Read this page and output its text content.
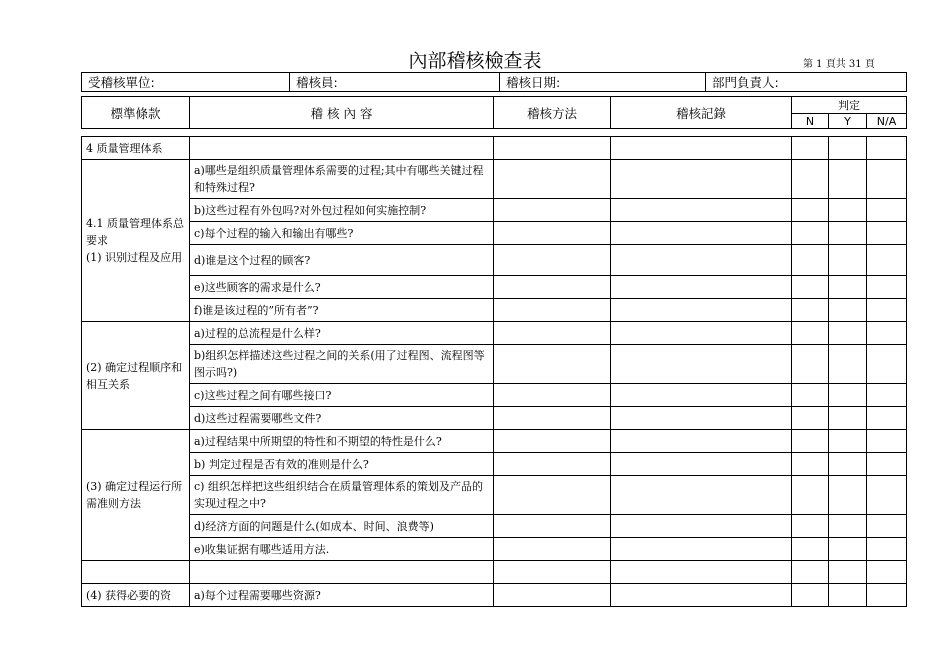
內部稽核檢查表	第 1 頁共 31 頁
受稽核單位:	稽核員:	稽核日期:	部門負責人:
標準條款	稽 核 內 容	稽核方法	稽核記錄	判定		
				N	Y	N/A
4 质量管理体系						

4.1 质量管理体系总要求
(1) 识别过程及应用	a)哪些是组织质量管理体系需要的过程;其中有哪些关键过程和特殊过程?					
	b)这些过程有外包吗?对外包过程如何实施控制?					
	c)每个过程的输入和输出有哪些?					
	d)谁是这个过程的顾客?					
	e)这些顾客的需求是什么?					
	f)谁是该过程的”所有者”?					
(2) 确定过程顺序和相互关系	a)过程的总流程是什么样?					
	b)组织怎样描述这些过程之间的关系(用了过程图、流程图等图示吗?)					
	c)这些过程之间有哪些接口?					
	d)这些过程需要哪些文件?					
(3) 确定过程运行所需准则方法	a)过程结果中所期望的特性和不期望的特性是什么?					
	b) 判定过程是否有效的准则是什么?					
	c) 组织怎样把这些组织结合在质量管理体系的策划及产品的实现过程之中?					
	d)经济方面的问题是什么(如成本、时间、浪费等)					
	e)收集证据有哪些适用方法.					

(4) 获得必要的资	a)每个过程需要哪些资源?					
